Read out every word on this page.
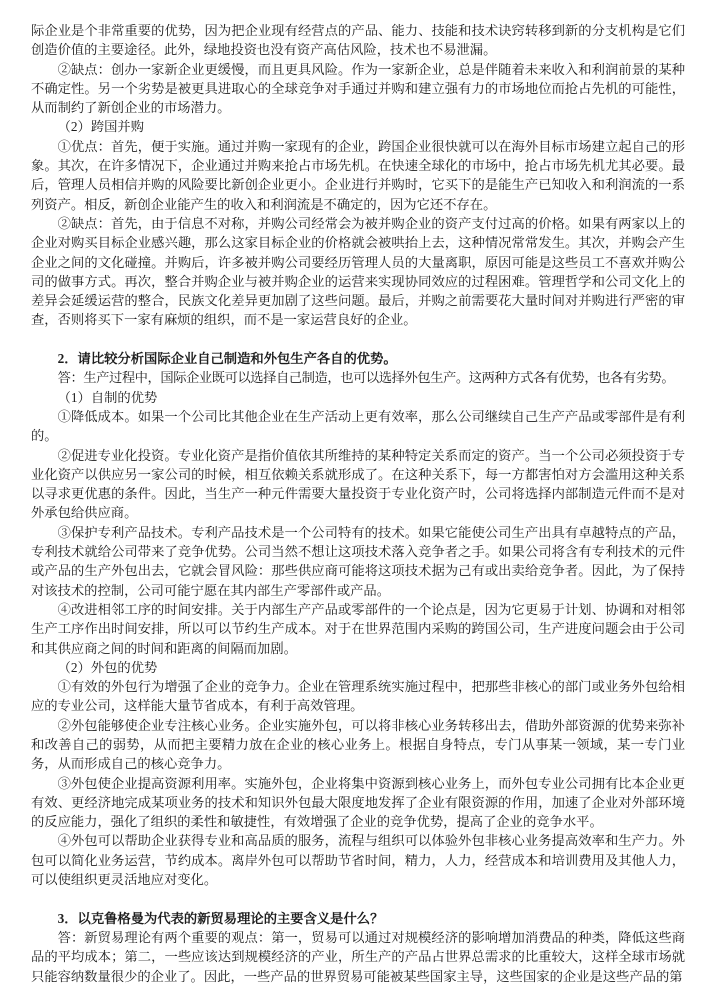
际企业是个非常重要的优势，因为把企业现有经营点的产品、能力、技能和技术诀窍转移到新的分支机构是它们创造价值的主要途径。此外，绿地投资也没有资产高估风险，技术也不易泄漏。

②缺点：创办一家新企业更缓慢，而且更具风险。作为一家新企业，总是伴随着未来收入和利润前景的某种不确定性。另一个劣势是被更具进取心的全球竞争对手通过并购和建立强有力的市场地位而抢占先机的可能性，从而制约了新创企业的市场潜力。

（2）跨国并购

①优点：首先，便于实施。通过并购一家现有的企业，跨国企业很快就可以在海外目标市场建立起自己的形象。其次，在许多情况下，企业通过并购来抢占市场先机。在快速全球化的市场中，抢占市场先机尤其必要。最后，管理人员相信并购的风险要比新创企业更小。企业进行并购时，它买下的是能生产已知收入和利润流的一系列资产。相反，新创企业能产生的收入和利润流是不确定的，因为它还不存在。

②缺点：首先，由于信息不对称，并购公司经常会为被并购企业的资产支付过高的价格。如果有两家以上的企业对购买目标企业感兴趣，那么这家目标企业的价格就会被哄抬上去，这种情况常常发生。其次，并购会产生企业之间的文化碰撞。并购后，许多被并购公司要经历管理人员的大量离职，原因可能是这些员工不喜欢并购公司的做事方式。再次，整合并购企业与被并购企业的运营来实现协同效应的过程困难。管理哲学和公司文化上的差异会延缓运营的整合，民族文化差异更加剧了这些问题。最后，并购之前需要花大量时间对并购进行严密的审查，否则将买下一家有麻烦的组织，而不是一家运营良好的企业。

2．请比较分析国际企业自己制造和外包生产各自的优势。

答：生产过程中，国际企业既可以选择自己制造，也可以选择外包生产。这两种方式各有优势，也各有劣势。

（1）自制的优势

①降低成本。如果一个公司比其他企业在生产活动上更有效率，那么公司继续自己生产产品或零部件是有利的。

②促进专业化投资。专业化资产是指价值依其所维持的某种特定关系而定的资产。当一个公司必须投资于专业化资产以供应另一家公司的时候，相互依赖关系就形成了。在这种关系下，每一方都害怕对方会滥用这种关系以寻求更优惠的条件。因此，当生产一种元件需要大量投资于专业化资产时，公司将选择内部制造元件而不是对外承包给供应商。

③保护专利产品技术。专利产品技术是一个公司特有的技术。如果它能使公司生产出具有卓越特点的产品，专利技术就给公司带来了竞争优势。公司当然不想让这项技术落入竞争者之手。如果公司将含有专利技术的元件或产品的生产外包出去，它就会冒风险：那些供应商可能将这项技术据为己有或出卖给竞争者。因此，为了保持对该技术的控制，公司可能宁愿在其内部生产零部件或产品。

④改进相邻工序的时间安排。关于内部生产产品或零部件的一个论点是，因为它更易于计划、协调和对相邻生产工序作出时间安排，所以可以节约生产成本。对于在世界范围内采购的跨国公司，生产进度问题会由于公司和其供应商之间的时间和距离的间隔而加剧。

（2）外包的优势

①有效的外包行为增强了企业的竞争力。企业在管理系统实施过程中，把那些非核心的部门或业务外包给相应的专业公司，这样能大量节省成本，有利于高效管理。

②外包能够使企业专注核心业务。企业实施外包，可以将非核心业务转移出去，借助外部资源的优势来弥补和改善自己的弱势，从而把主要精力放在企业的核心业务上。根据自身特点，专门从事某一领域，某一专门业务，从而形成自己的核心竞争力。

③外包使企业提高资源利用率。实施外包，企业将集中资源到核心业务上，而外包专业公司拥有比本企业更有效、更经济地完成某项业务的技术和知识外包最大限度地发挥了企业有限资源的作用，加速了企业对外部环境的反应能力，强化了组织的柔性和敏捷性，有效增强了企业的竞争优势，提高了企业的竞争水平。

④外包可以帮助企业获得专业和高品质的服务，流程与组织可以体验外包非核心业务提高效率和生产力。外包可以简化业务运营，节约成本。离岸外包可以帮助节省时间，精力，人力，经营成本和培训费用及其他人力，可以使组织更灵活地应对变化。

3．以克鲁格曼为代表的新贸易理论的主要含义是什么？

答：新贸易理论有两个重要的观点：第一，贸易可以通过对规模经济的影响增加消费品的种类，降低这些商品的平均成本；第二，一些应该达到规模经济的产业，所生产的产品占世界总需求的比重较大，这样全球市场就只能容纳数量很少的企业了。因此，一些产品的世界贸易可能被某些国家主导，这些国家的企业是这些产品的第
